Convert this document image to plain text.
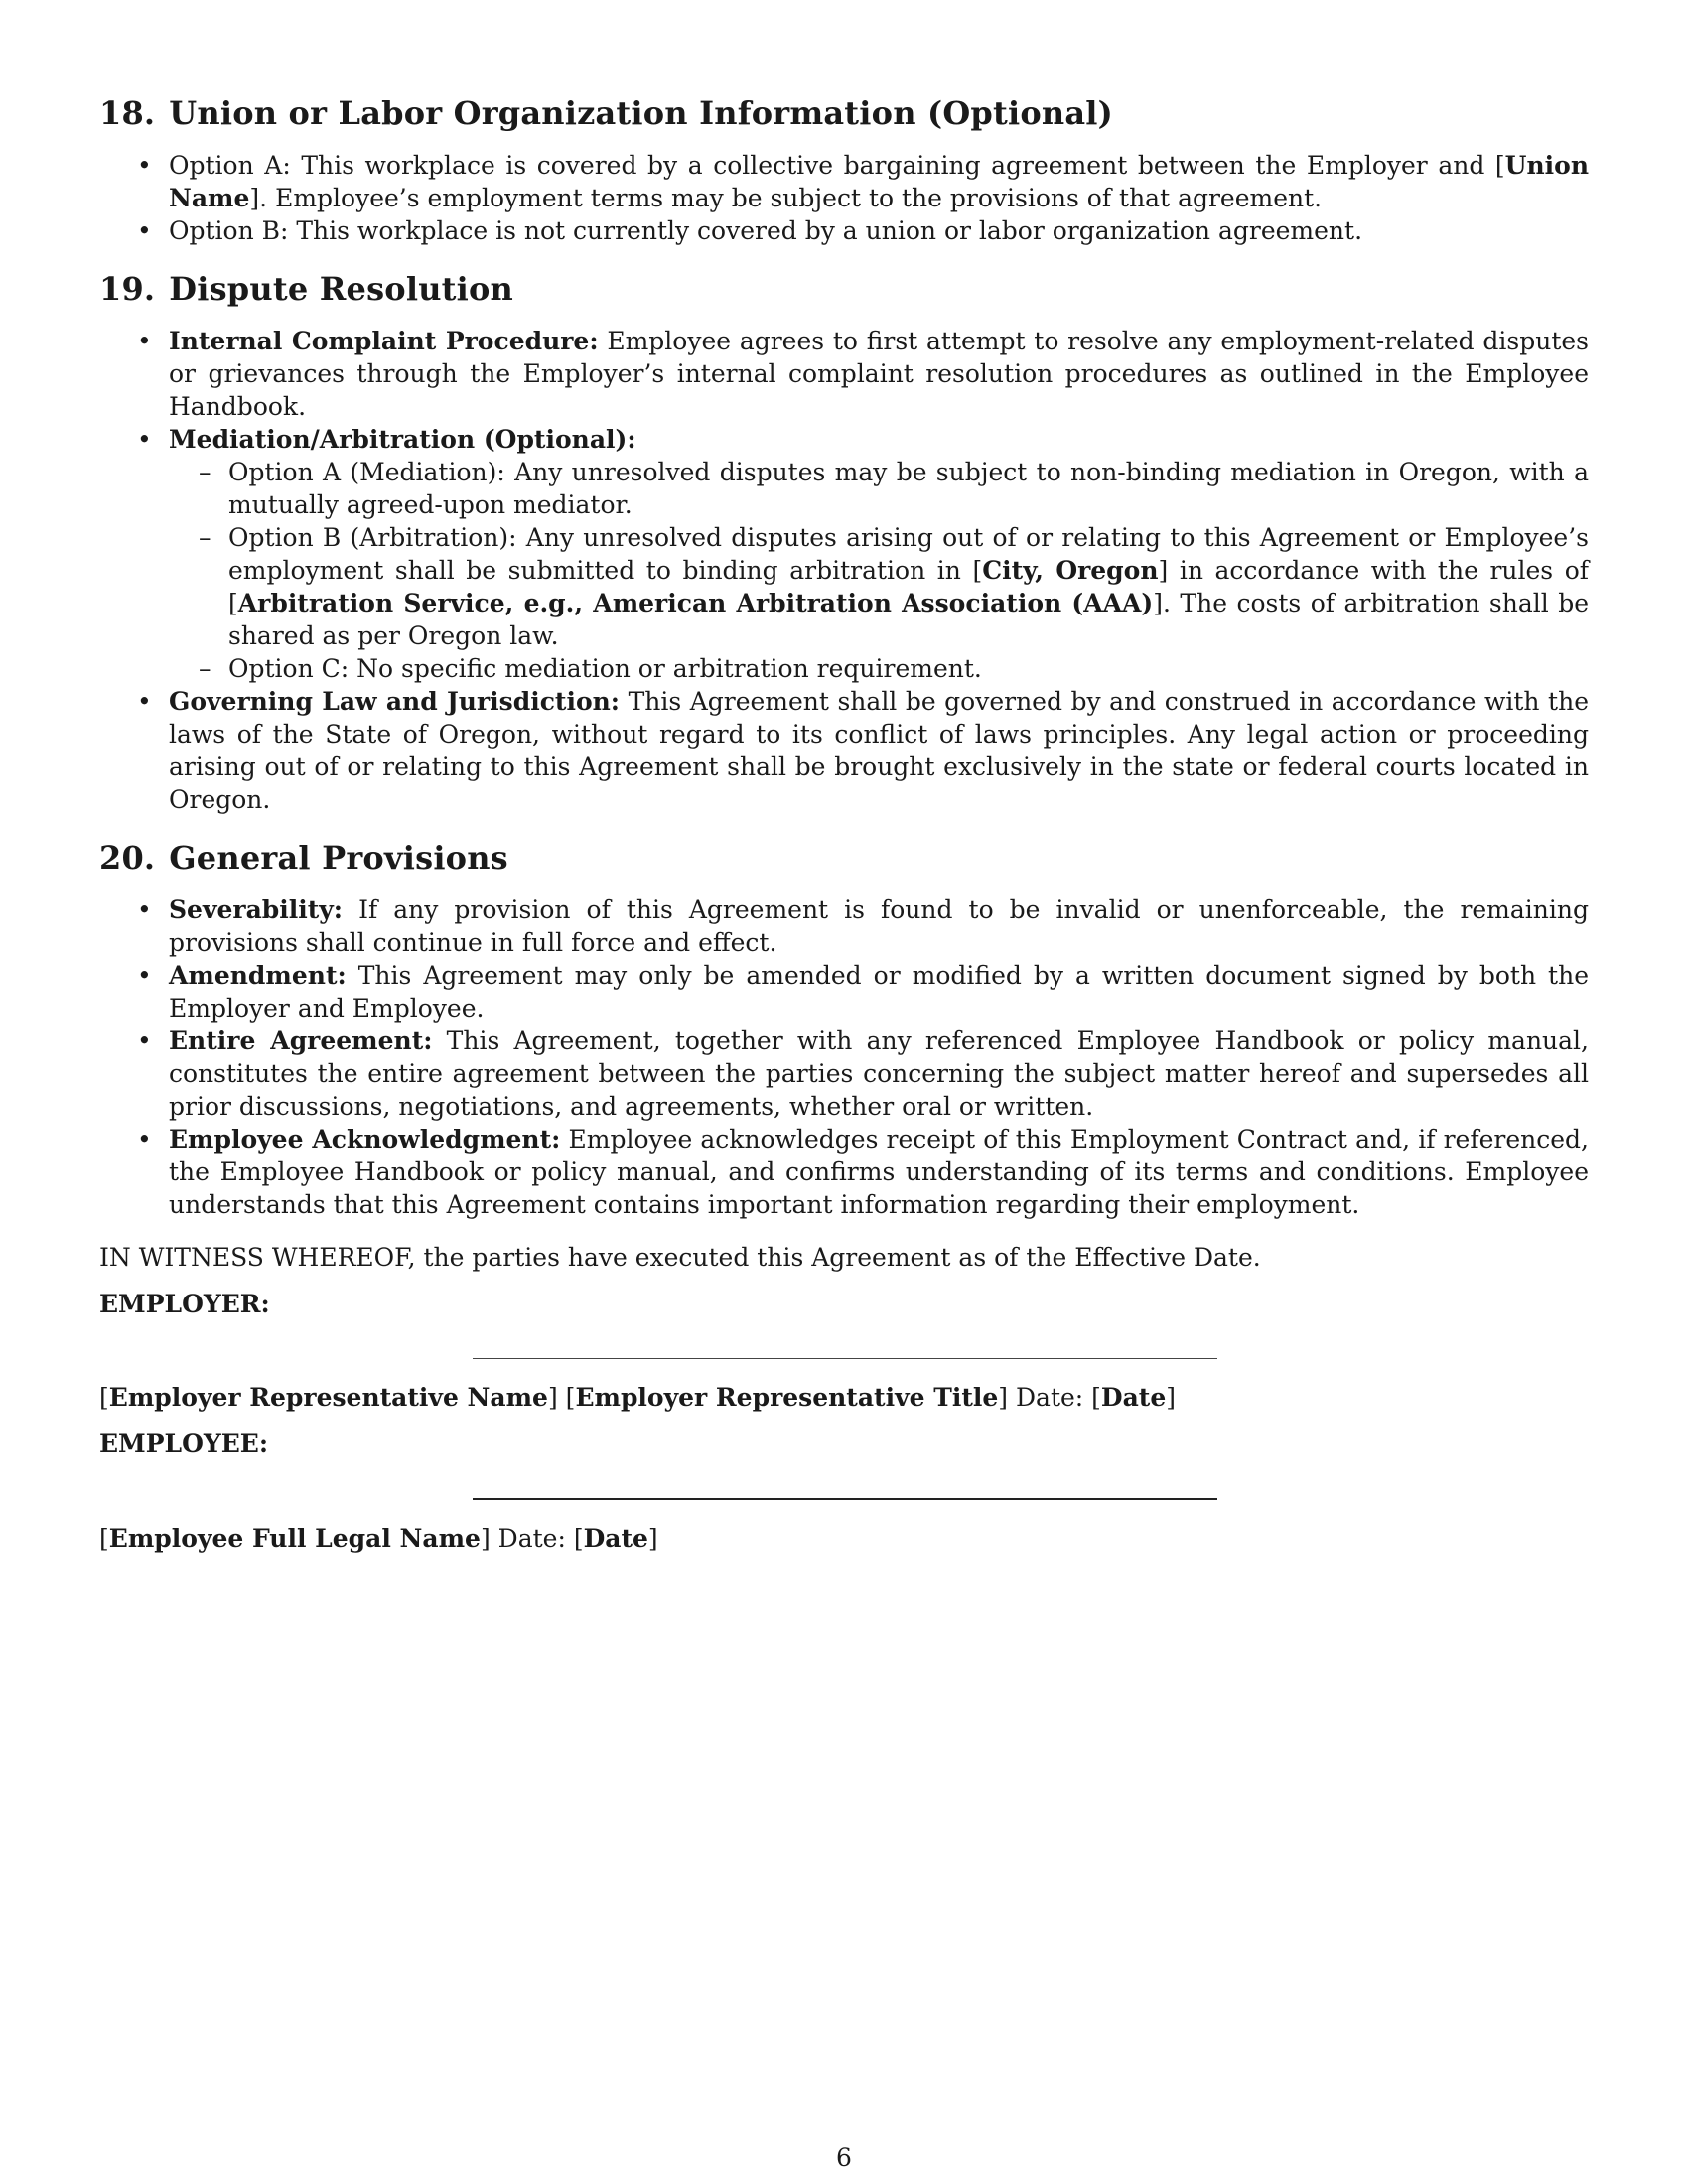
18. Union or Labor Organization Information (Optional)
• Option A: This workplace is covered by a collective bargaining agreement between the Employer and [Union Name]. Employee’s employment terms may be subject to the provisions of that agreement.
• Option B: This workplace is not currently covered by a union or labor organization agreement.
19. Dispute Resolution
• Internal Complaint Procedure: Employee agrees to first attempt to resolve any employment-related disputes or grievances through the Employer’s internal complaint resolution procedures as outlined in the Employee Handbook.
• Mediation/Arbitration (Optional):
– Option A (Mediation): Any unresolved disputes may be subject to non-binding mediation in Oregon, with a mutually agreed-upon mediator.
– Option B (Arbitration): Any unresolved disputes arising out of or relating to this Agreement or Employee’s employment shall be submitted to binding arbitration in [City, Oregon] in accordance with the rules of [Arbitration Service, e.g., American Arbitration Association (AAA)]. The costs of arbitration shall be shared as per Oregon law.
– Option C: No specific mediation or arbitration requirement.
• Governing Law and Jurisdiction: This Agreement shall be governed by and construed in accordance with the laws of the State of Oregon, without regard to its conflict of laws principles. Any legal action or proceeding arising out of or relating to this Agreement shall be brought exclusively in the state or federal courts located in Oregon.
20. General Provisions
• Severability: If any provision of this Agreement is found to be invalid or unenforceable, the remaining provisions shall continue in full force and effect.
• Amendment: This Agreement may only be amended or modified by a written document signed by both the Employer and Employee.
• Entire Agreement: This Agreement, together with any referenced Employee Handbook or policy manual, constitutes the entire agreement between the parties concerning the subject matter hereof and supersedes all prior discussions, negotiations, and agreements, whether oral or written.
• Employee Acknowledgment: Employee acknowledges receipt of this Employment Contract and, if referenced, the Employee Handbook or policy manual, and confirms understanding of its terms and conditions. Employee understands that this Agreement contains important information regarding their employment.

IN WITNESS WHEREOF, the parties have executed this Agreement as of the Effective Date.

EMPLOYER:

[Employer Representative Name] [Employer Representative Title] Date: [Date]

EMPLOYEE:

[Employee Full Legal Name] Date: [Date]

6
